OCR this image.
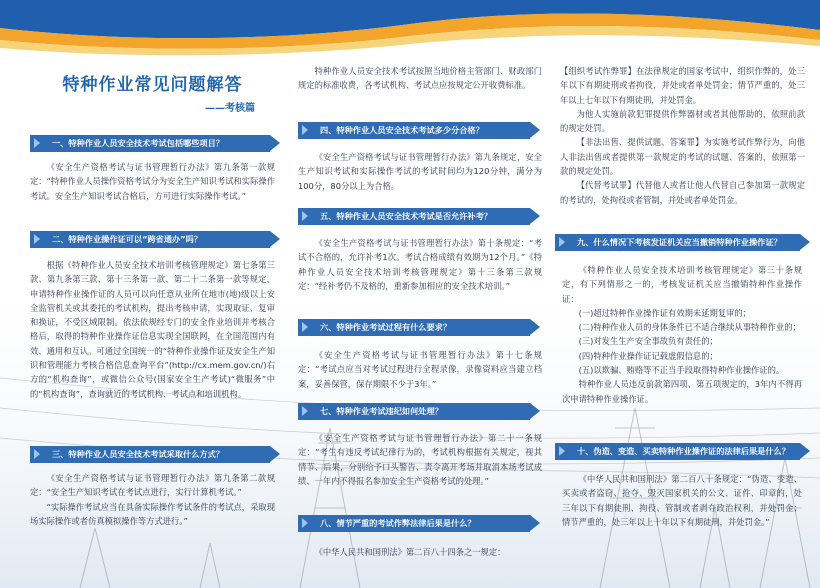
特种作业常见问题解答
——考核篇
一、特种作业人员安全技术考试包括哪些项目？

《安全生产资格考试与证书管理暂行办法》第九条第一款规定：“特种作业人员操作资格考试分为安全生产知识考试和实际操作考试。安全生产知识考试合格后，方可进行实际操作考试。”

二、特种作业操作证可以“跨省通办”吗？

根据《特种作业人员安全技术培训考核管理规定》第七条第三款、第九条第三款、第十三条第一款、第二十二条第一款等规定，申请特种作业操作证的人员可以向任意从业所在地市(地)级以上安全监管机关或其委托的考试机构，提出考核申请，实现取证、复审和换证，不受区域限制。依法依规经专门的安全作业培训并考核合格后，取得的特种作业操作证信息实现全国联网，在全国范围内有效、通用和互认。可通过全国统一的“特种作业操作证及安全生产知识和管理能力考核合格信息查询平台”(http://cx.mem.gov.cn/)右方的“机构查询”，或微信公众号(国家安全生产考试)“微服务”中的“机构查询”，查询就近的考试机构、考试点和培训机构。

三、特种作业人员安全技术考试采取什么方式？

《安全生产资格考试与证书管理暂行办法》第九条第二款规定：“安全生产知识考试在考试点进行，实行计算机考试。”

“实际操作考试应当在具备实际操作考试条件的考试点，采取现场实际操作或者仿真模拟操作等方式进行。”

特种作业人员安全技术考试按照当地价格主管部门、财政部门规定的标准收费，各考试机构、考试点应按规定公开收费标准。

四、特种作业人员安全技术考试多少分合格？

《安全生产资格考试与证书管理暂行办法》第九条规定，安全生产知识考试和实际操作考试的考试时间均为120分钟，满分为100分，80分以上为合格。

五、特种作业人员安全技术考试是否允许补考？

《安全生产资格考试与证书管理暂行办法》第十条规定：“考试不合格的，允许补考1次。考试合格成绩有效期为12个月。”《特种作业人员安全技术培训考核管理规定》第十三条第三款规定：“经补考仍不及格的，重新参加相应的安全技术培训。”

六、特种作业考试过程有什么要求？

《安全生产资格考试与证书管理暂行办法》第十七条规定：“考试点应当对考试过程进行全程录像，录像资料应当建立档案，妥善保管，保存期限不少于3年。”

七、特种作业考试违纪如何处理？

《安全生产资格考试与证书管理暂行办法》第二十一条规定：“考生有违反考试纪律行为的，考试机构根据有关规定，视其情节、后果，分别给予口头警告、责令离开考场并取消本场考试成绩、一年内不得报名参加安全生产资格考试的处理。”

八、情节严重的考试作弊法律后果是什么？

《中华人民共和国刑法》第二百八十四条之一规定：

【组织考试作弊罪】在法律规定的国家考试中，组织作弊的，处三年以下有期徒刑或者拘役，并处或者单处罚金；情节严重的，处三年以上七年以下有期徒刑，并处罚金。

为他人实施前款犯罪提供作弊器材或者其他帮助的，依照前款的规定处罚。

【非法出售、提供试题、答案罪】为实施考试作弊行为，向他人非法出售或者提供第一款规定的考试的试题、答案的，依照第一款的规定处罚。

【代替考试罪】代替他人或者让他人代替自己参加第一款规定的考试的，处拘役或者管制，并处或者单处罚金。

九、什么情况下考核发证机关应当撤销特种作业操作证？

《特种作业人员安全技术培训考核管理规定》第三十条规定，有下列情形之一的，考核发证机关应当撤销特种作业操作证：

(一)超过特种作业操作证有效期未延期复审的；

(二)特种作业人员的身体条件已不适合继续从事特种作业的；

(三)对发生生产安全事故负有责任的；

(四)特种作业操作证记载虚假信息的；

(五)以欺骗、贿赂等不正当手段取得特种作业操作证的。

特种作业人员违反前款第四项、第五项规定的，3年内不得再次申请特种作业操作证。

十、伪造、变造、买卖特种作业操作证的法律后果是什么？

《中华人民共和国刑法》第二百八十条规定：“伪造、变造、买卖或者盗窃、抢夺、毁灭国家机关的公文、证件、印章的，处三年以下有期徒刑、拘役、管制或者剥夺政治权利，并处罚金；情节严重的，处三年以上十年以下有期徒刑，并处罚金。”
